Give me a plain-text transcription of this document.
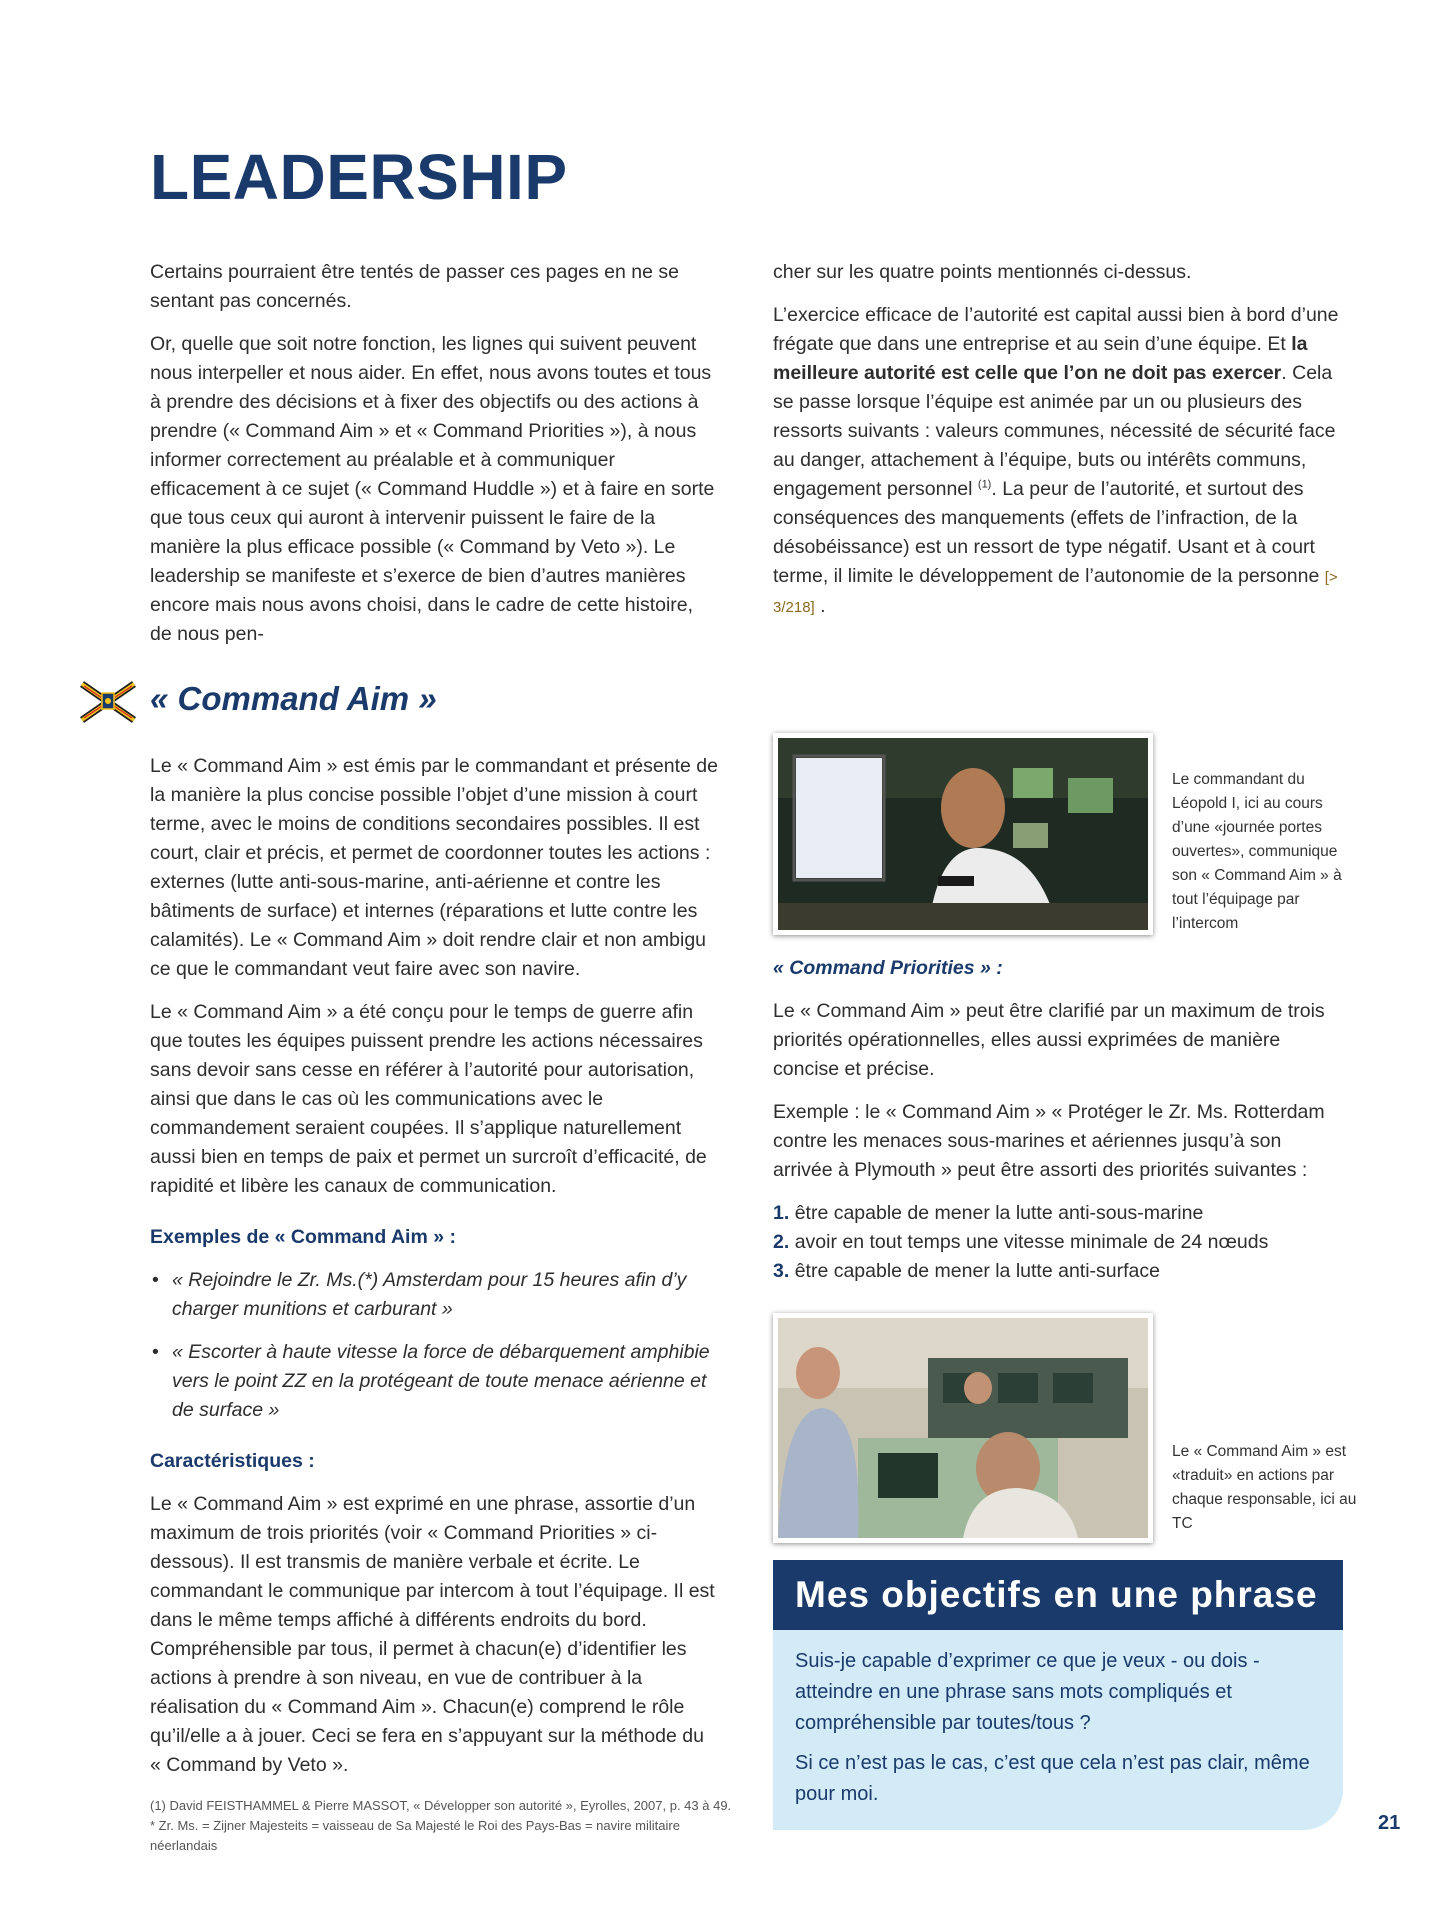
LEADERSHIP

Certains pourraient être tentés de passer ces pages en ne se sentant pas concernés.

Or, quelle que soit notre fonction, les lignes qui suivent peuvent nous interpeller et nous aider. En effet, nous avons toutes et tous à prendre des décisions et à fixer des objectifs ou des actions à prendre (« Command Aim » et « Command Priorities »), à nous informer correctement au préalable et à communiquer efficacement à ce sujet (« Command Huddle ») et à faire en sorte que tous ceux qui auront à intervenir puissent le faire de la manière la plus efficace possible (« Command by Veto »). Le leadership se manifeste et s’exerce de bien d’autres manières encore mais nous avons choisi, dans le cadre de cette histoire, de nous pen-

cher sur les quatre points mentionnés ci-dessus.

L’exercice efficace de l’autorité est capital aussi bien à bord d’une frégate que dans une entreprise et au sein d’une équipe. Et la meilleure autorité est celle que l’on ne doit pas exercer. Cela se passe lorsque l’équipe est animée par un ou plusieurs des ressorts suivants : valeurs communes, nécessité de sécurité face au danger, attachement à l’équipe, buts ou intérêts communs, engagement personnel $^{(1)}$. La peur de l’autorité, et surtout des conséquences des manquements (effets de l’infraction, de la désobéissance) est un ressort de type négatif. Usant et à court terme, il limite le développement de l’autonomie de la personne [> 3/218] .

« Command Aim »

Le « Command Aim » est émis par le commandant et présente de la manière la plus concise possible l’objet d’une mission à court terme, avec le moins de conditions secondaires possibles. Il est court, clair et précis, et permet de coordonner toutes les actions : externes (lutte anti-sous-marine, anti-aérienne et contre les bâtiments de surface) et internes (réparations et lutte contre les calamités). Le « Command Aim » doit rendre clair et non ambigu ce que le commandant veut faire avec son navire.

Le « Command Aim » a été conçu pour le temps de guerre afin que toutes les équipes puissent prendre les actions nécessaires sans devoir sans cesse en référer à l’autorité pour autorisation, ainsi que dans le cas où les communications avec le commandement seraient coupées. Il s’applique naturellement aussi bien en temps de paix et permet un surcroît d’efficacité, de rapidité et libère les canaux de communication.

Exemples de « Command Aim » :

• « Rejoindre le Zr. Ms.(*) Amsterdam pour 15 heures afin d’y charger munitions et carburant »
• « Escorter à haute vitesse la force de débarquement amphibie vers le point ZZ en la protégeant de toute menace aérienne et de surface »

Caractéristiques :

Le « Command Aim » est exprimé en une phrase, assortie d’un maximum de trois priorités (voir « Command Priorities » ci-dessous). Il est transmis de manière verbale et écrite. Le commandant le communique par intercom à tout l’équipage. Il est dans le même temps affiché à différents endroits du bord. Compréhensible par tous, il permet à chacun(e) d’identifier les actions à prendre à son niveau, en vue de contribuer à la réalisation du « Command Aim ». Chacun(e) comprend le rôle qu’il/elle a à jouer. Ceci se fera en s’appuyant sur la méthode du « Command by Veto ».

Le commandant du Léopold I, ici au cours d’une «journée portes ouvertes», communique son « Command Aim » à tout l’équipage par l’intercom

« Command Priorities » :

Le « Command Aim » peut être clarifié par un maximum de trois priorités opérationnelles, elles aussi exprimées de manière concise et précise.

Exemple : le « Command Aim » « Protéger le Zr. Ms. Rotterdam contre les menaces sous-marines et aériennes jusqu’à son arrivée à Plymouth » peut être assorti des priorités suivantes :

1. être capable de mener la lutte anti-sous-marine
2. avoir en tout temps une vitesse minimale de 24 nœuds
3. être capable de mener la lutte anti-surface
Le « Command Aim » est «traduit» en actions par chaque responsable, ici au TC
Mes objectifs en une phrase

Suis-je capable d’exprimer ce que je veux - ou dois - atteindre en une phrase sans mots compliqués et compréhensible par toutes/tous ?

Si ce n’est pas le cas, c’est que cela n’est pas clair, même pour moi.

(1) David FEISTHAMMEL & Pierre MASSOT, « Développer son autorité », Eyrolles, 2007, p. 43 à 49.
* Zr. Ms. = Zijner Majesteits = vaisseau de Sa Majesté le Roi des Pays-Bas = navire militaire néerlandais
21
